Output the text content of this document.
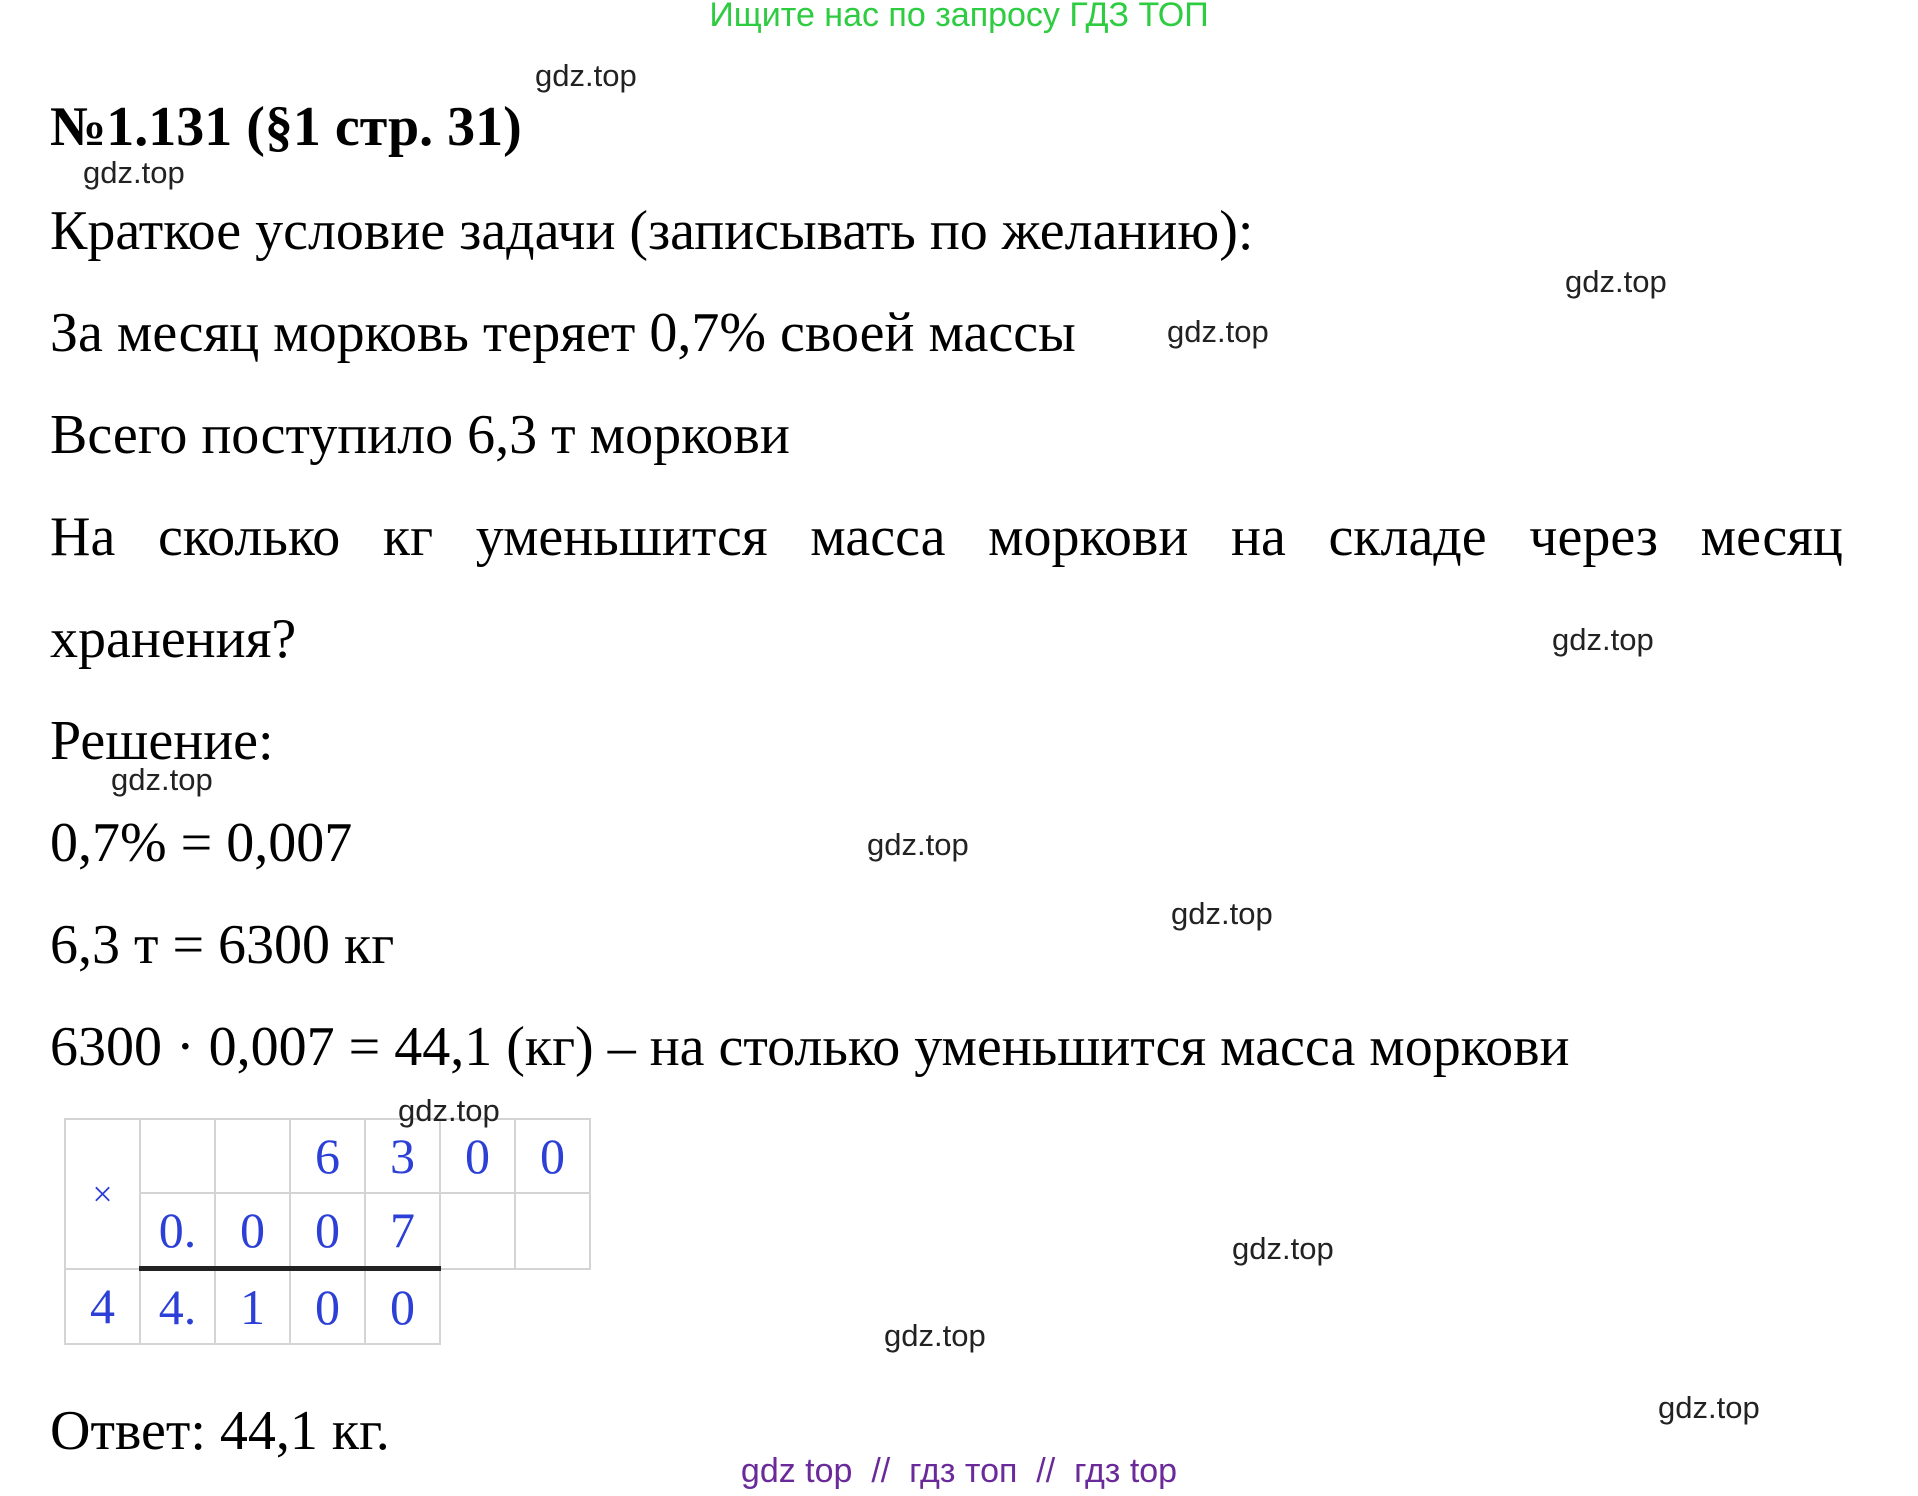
Ищите нас по запросу ГДЗ ТОП
№1.131 (§1 стр. 31)
Краткое условие задачи (записывать по желанию):
За месяц морковь теряет 0,7% своей массы
Всего поступило 6,3 т моркови
На сколько кг уменьшится масса моркови на складе через месяц
хранения?
Решение:
0,7% = 0,007
6,3 т = 6300 кг
6300 · 0,007 = 44,1 (кг) – на столько уменьшится масса моркови
×			6	3	0	0
	0.	0	0	7		
4	4.	1	0	0		
Ответ: 44,1 кг.
gdz.top
gdz.top
gdz.top
gdz.top
gdz.top
gdz.top
gdz.top
gdz.top
gdz.top
gdz.top
gdz.top
gdz.top
gdz top  //  гдз топ  //  гдз top
